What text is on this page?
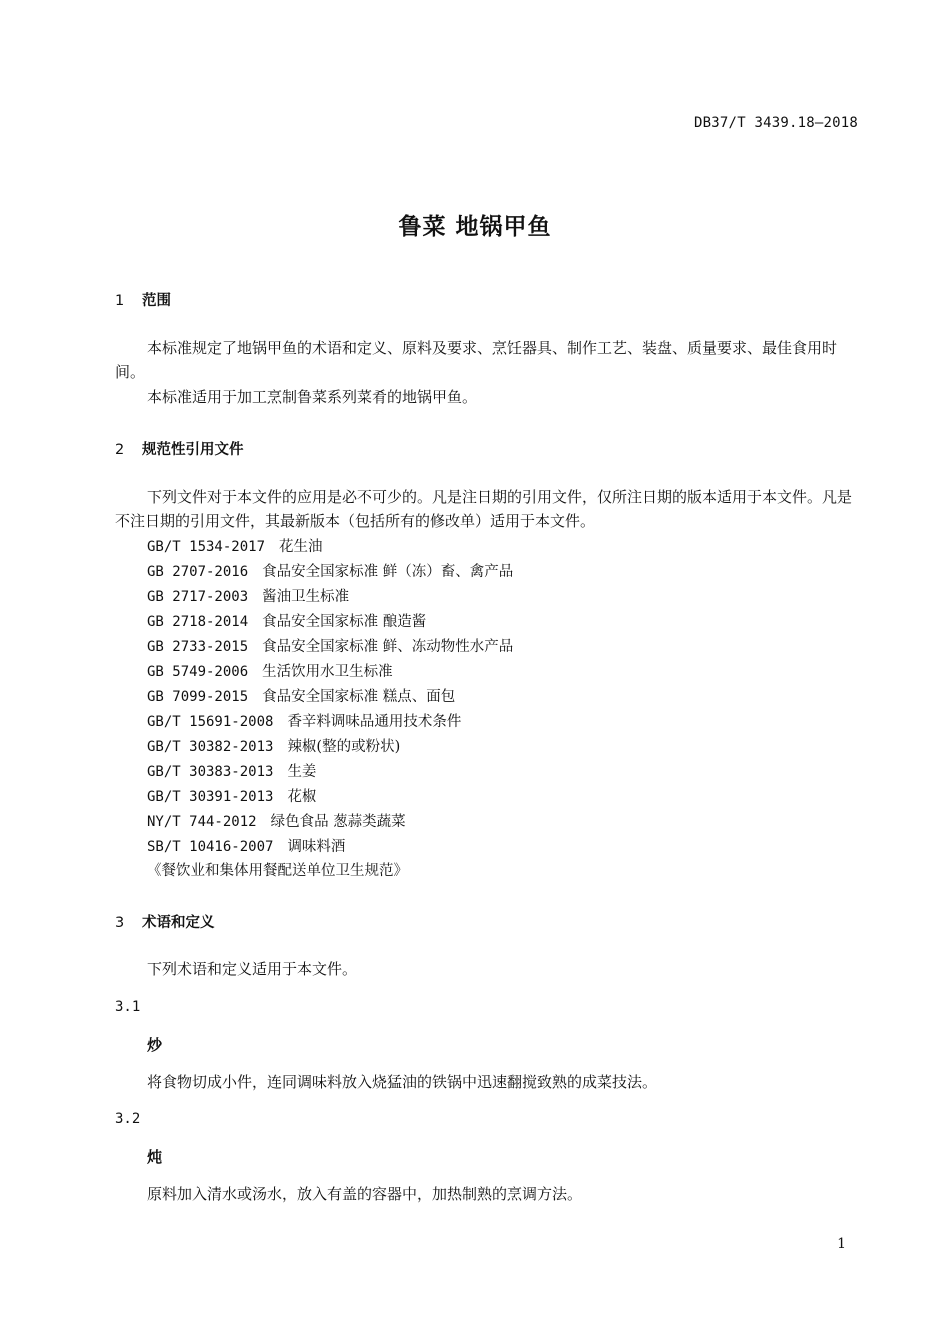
DB37/T 3439.18—2018
鲁菜 地锅甲鱼
1 范围
本标准规定了地锅甲鱼的术语和定义、原料及要求、烹饪器具、制作工艺、装盘、质量要求、最佳食用时间。
本标准适用于加工烹制鲁菜系列菜肴的地锅甲鱼。
2 规范性引用文件
下列文件对于本文件的应用是必不可少的。凡是注日期的引用文件，仅所注日期的版本适用于本文件。凡是不注日期的引用文件，其最新版本（包括所有的修改单）适用于本文件。
GB/T 1534-2017 花生油
GB 2707-2016 食品安全国家标准 鲜（冻）畜、禽产品
GB 2717-2003 酱油卫生标准
GB 2718-2014 食品安全国家标准 酿造酱
GB 2733-2015 食品安全国家标准 鲜、冻动物性水产品
GB 5749-2006 生活饮用水卫生标准
GB 7099-2015 食品安全国家标准 糕点、面包
GB/T 15691-2008 香辛料调味品通用技术条件
GB/T 30382-2013 辣椒(整的或粉状)
GB/T 30383-2013 生姜
GB/T 30391-2013 花椒
NY/T 744-2012 绿色食品 葱蒜类蔬菜
SB/T 10416-2007 调味料酒
《餐饮业和集体用餐配送单位卫生规范》
3 术语和定义
下列术语和定义适用于本文件。
3.1
炒
将食物切成小件，连同调味料放入烧猛油的铁锅中迅速翻搅致熟的成菜技法。
3.2
炖
原料加入清水或汤水，放入有盖的容器中，加热制熟的烹调方法。
1
